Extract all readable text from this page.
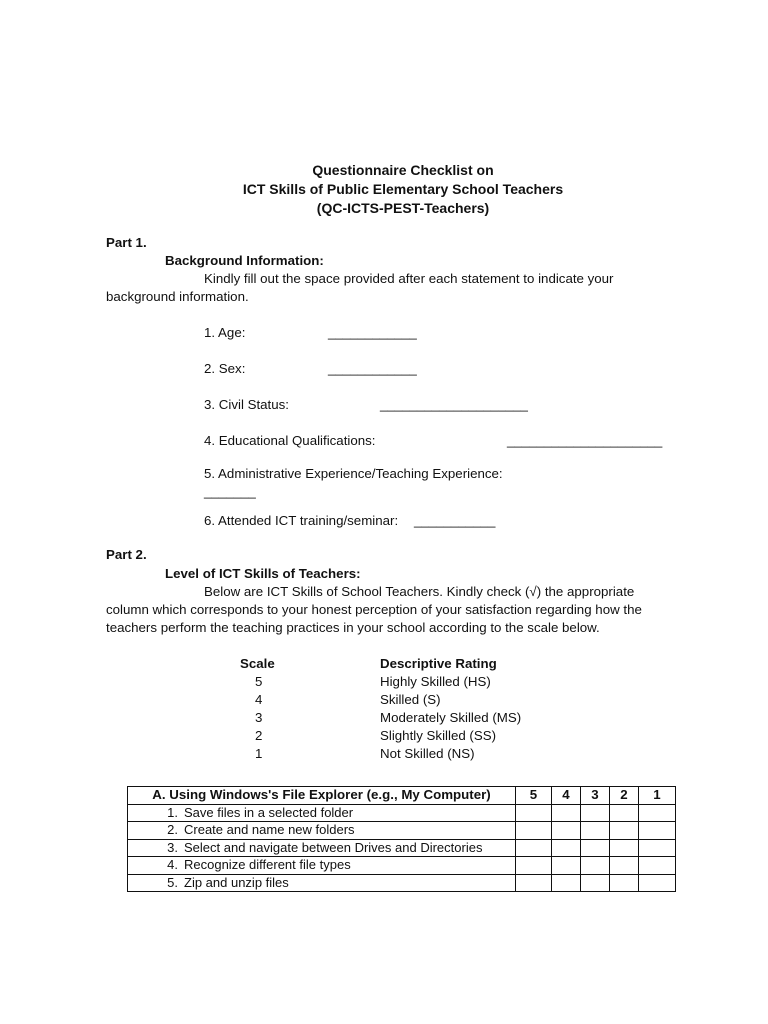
Questionnaire Checklist on
ICT Skills of Public Elementary School Teachers
(QC-ICTS-PEST-Teachers)
Part 1.
Background Information:
Kindly fill out the space provided after each statement to indicate your
background information.
1. Age:	____________
2. Sex:	____________
3. Civil Status:	____________________
4. Educational Qualifications:	_____________________
5. Administrative Experience/Teaching Experience:
_______
6. Attended ICT training/seminar: ___________
Part 2.
Level of ICT Skills of Teachers:
Below are ICT Skills of School Teachers. Kindly check (√) the appropriate
column which corresponds to your honest perception of your satisfaction regarding how the
teachers perform the teaching practices in your school according to the scale below.
Scale	Descriptive Rating
5	Highly Skilled (HS)
4	Skilled (S)
3	Moderately Skilled (MS)
2	Slightly Skilled (SS)
1	Not Skilled (NS)
A. Using Windows's File Explorer (e.g., My Computer)	5	4	3	2	1
1. Save files in a selected folder					
2. Create and name new folders					
3. Select and navigate between Drives and Directories					
4. Recognize different file types					
5. Zip and unzip files					
